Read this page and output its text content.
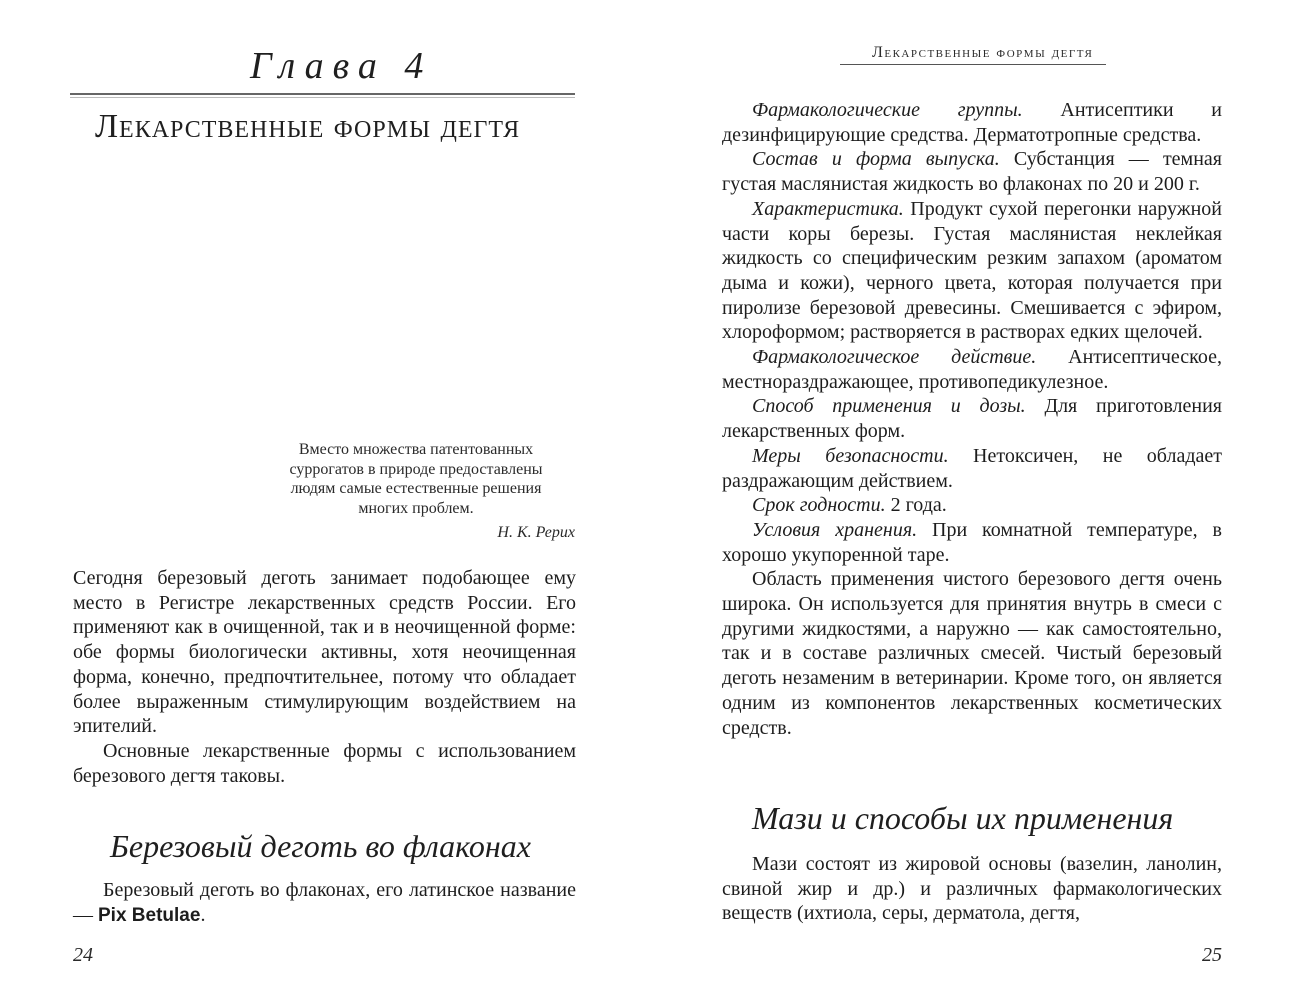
Глава 4
Лекарственные формы дегтя
Вместо множества патентованных
суррогатов в природе предоставлены
людям самые естественные решения
многих проблем.
Н. К. Рерих

Сегодня березовый деготь занимает подобающее ему место в Регистре лекарственных средств России. Его применяют как в очищенной, так и в неочищенной форме: обе формы биологически активны, хотя неочищенная форма, конечно, предпочтительнее, потому что обладает более выраженным стимулирующим воздействием на эпителий.

Основные лекарственные формы с использованием березового дегтя таковы.

Березовый деготь во флаконах

Березовый деготь во флаконах, его латинское название — Pix Betulae.

24
Лекарственные формы дегтя

Фармакологические группы. Антисептики и дезинфицирующие средства. Дерматотропные средства.

Состав и форма выпуска. Субстанция — темная густая маслянистая жидкость во флаконах по 20 и 200 г.

Характеристика. Продукт сухой перегонки наружной части коры березы. Густая маслянистая неклейкая жидкость со специфическим резким запахом (ароматом дыма и кожи), черного цвета, которая получается при пиролизе березовой древесины. Смешивается с эфиром, хлороформом; растворяется в растворах едких щелочей.

Фармакологическое действие. Антисептическое, местнораздражающее, противопедикулезное.

Способ применения и дозы. Для приготовления лекарственных форм.

Меры безопасности. Нетоксичен, не обладает раздражающим действием.

Срок годности. 2 года.

Условия хранения. При комнатной температуре, в хорошо укупоренной таре.

Область применения чистого березового дегтя очень широка. Он используется для принятия внутрь в смеси с другими жидкостями, а наружно — как самостоятельно, так и в составе различных смесей. Чистый березовый деготь незаменим в ветеринарии. Кроме того, он является одним из компонентов лекарственных косметических средств.

Мази и способы их применения

Мази состоят из жировой основы (вазелин, ланолин, свиной жир и др.) и различных фармакологических веществ (ихтиола, серы, дерматола, дегтя,

25
